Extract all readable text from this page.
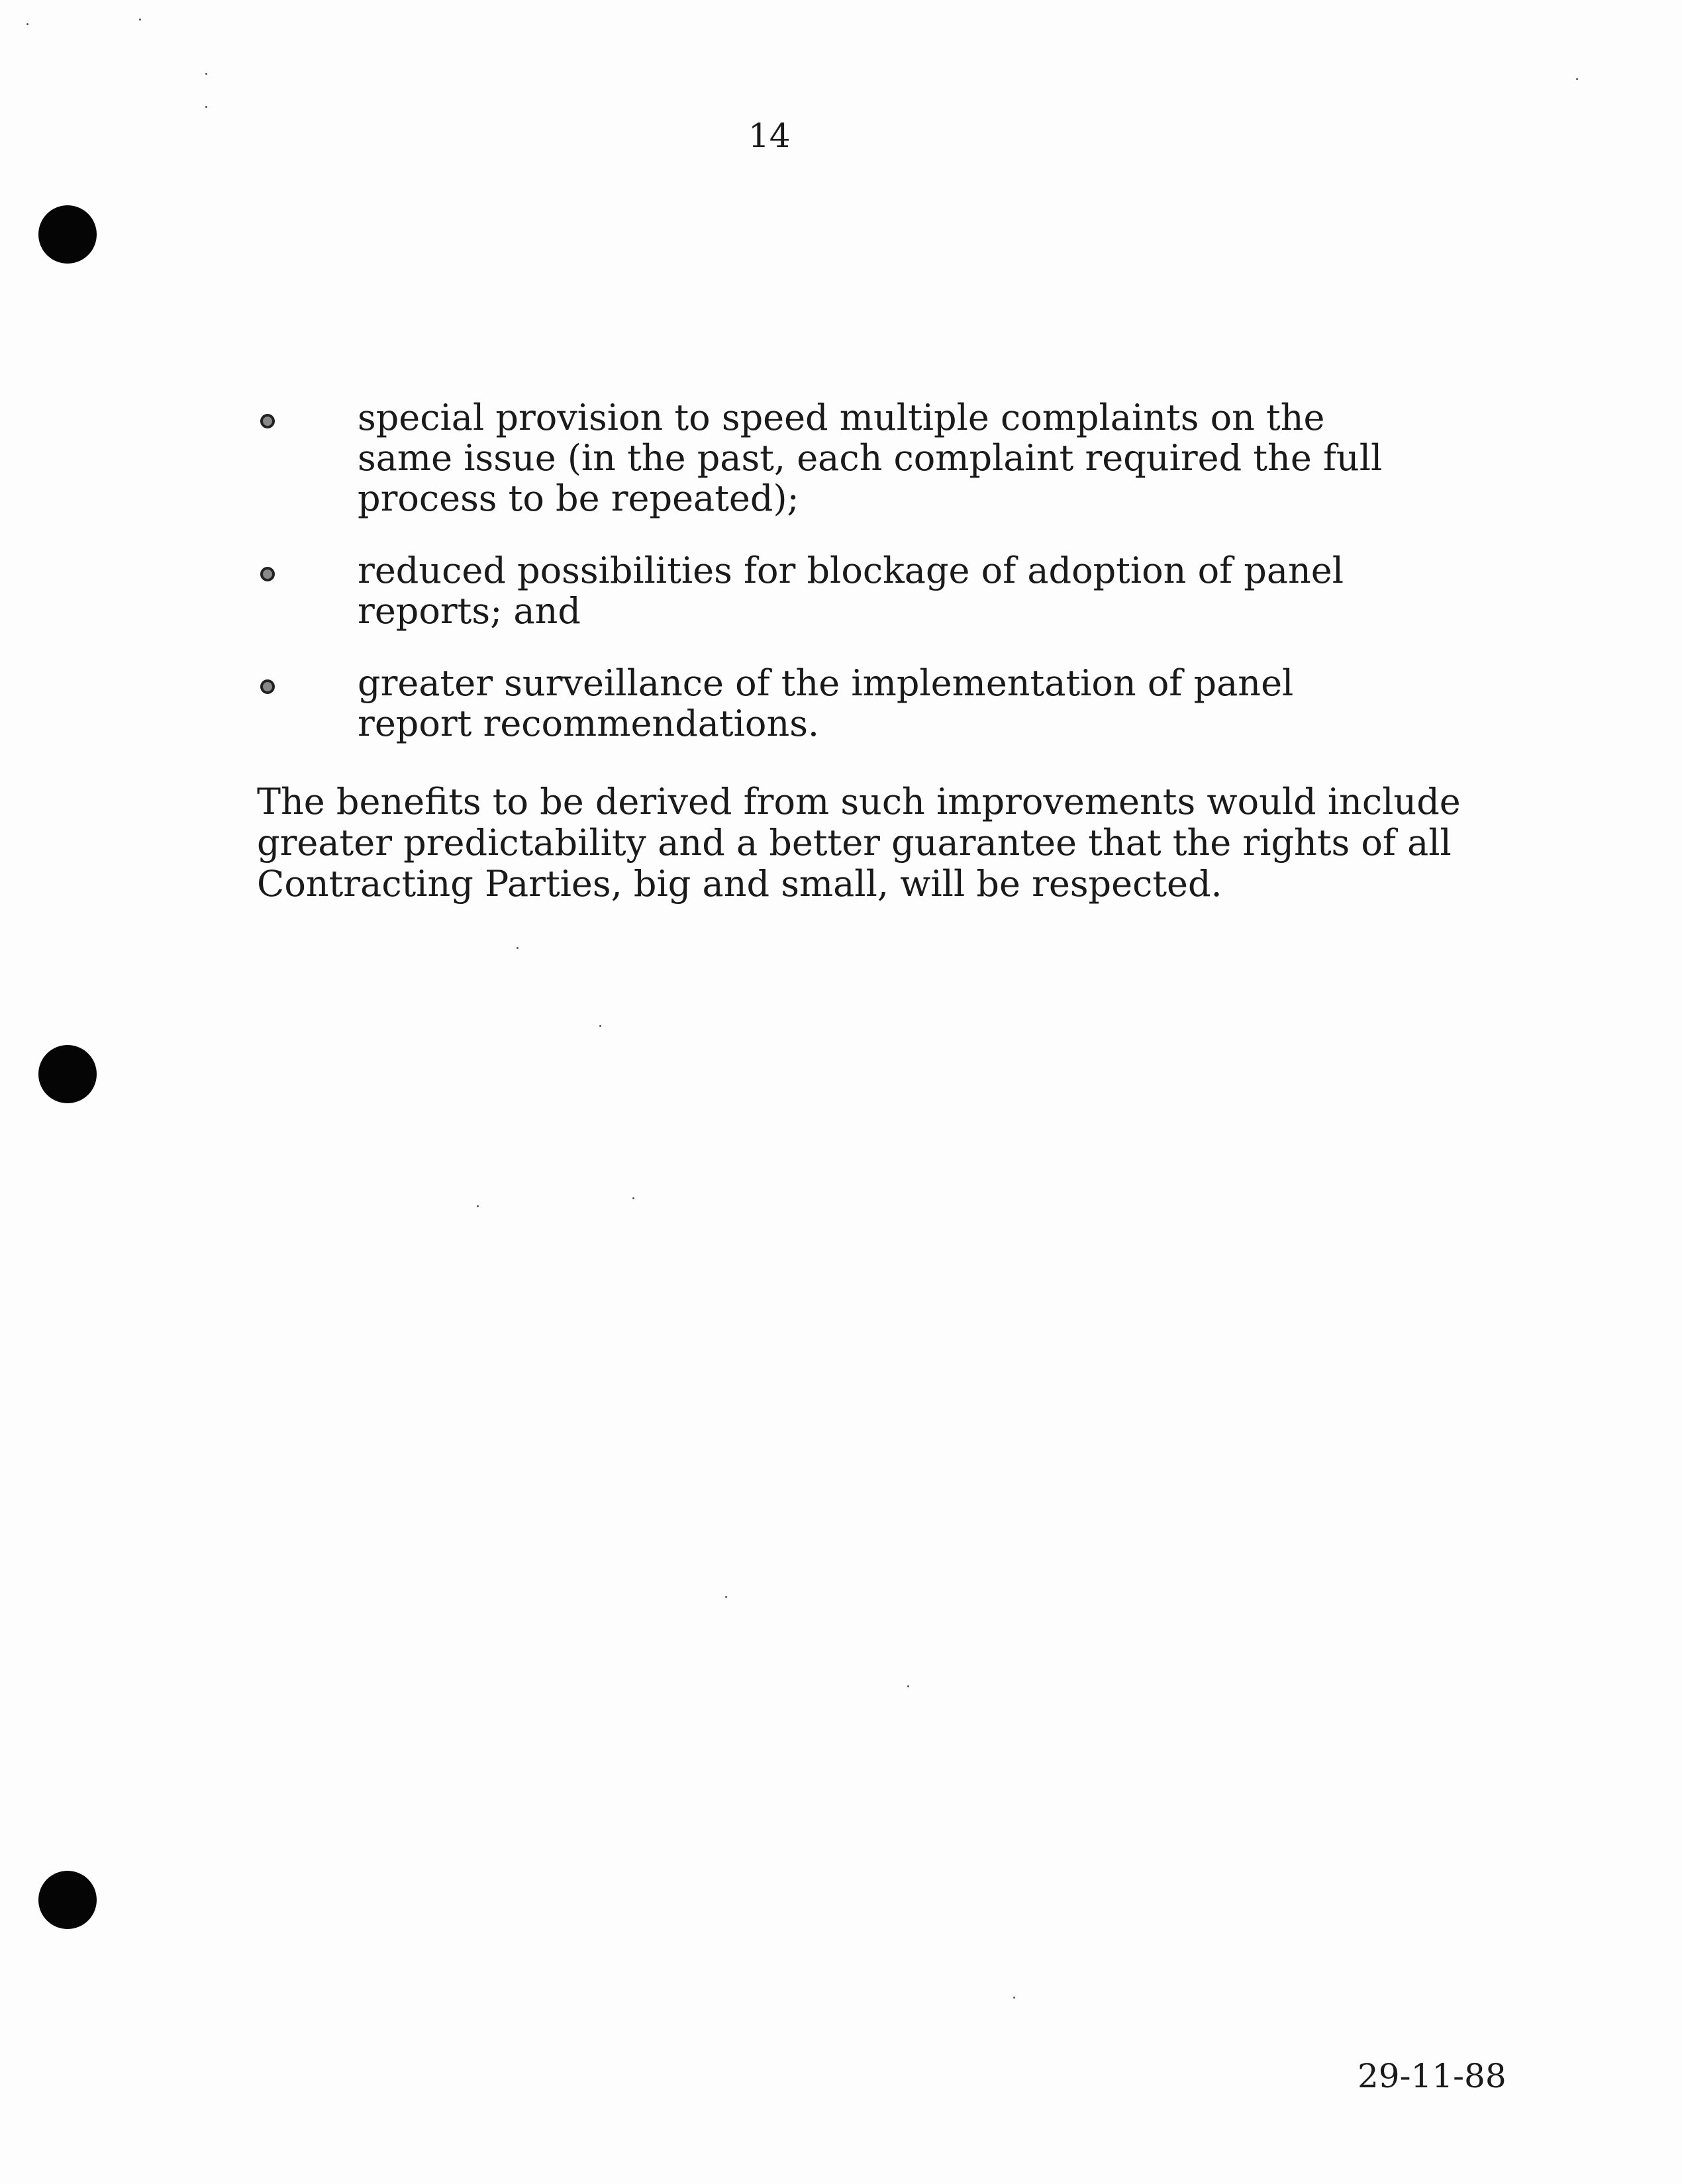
14
special provision to speed multiple complaints on the same issue (in the past, each complaint required the full process to be repeated);
reduced possibilities for blockage of adoption of panel reports; and
greater surveillance of the implementation of panel report recommendations.

The benefits to be derived from such improvements would include greater predictability and a better guarantee that the rights of all Contracting Parties, big and small, will be respected.

29-11-88
